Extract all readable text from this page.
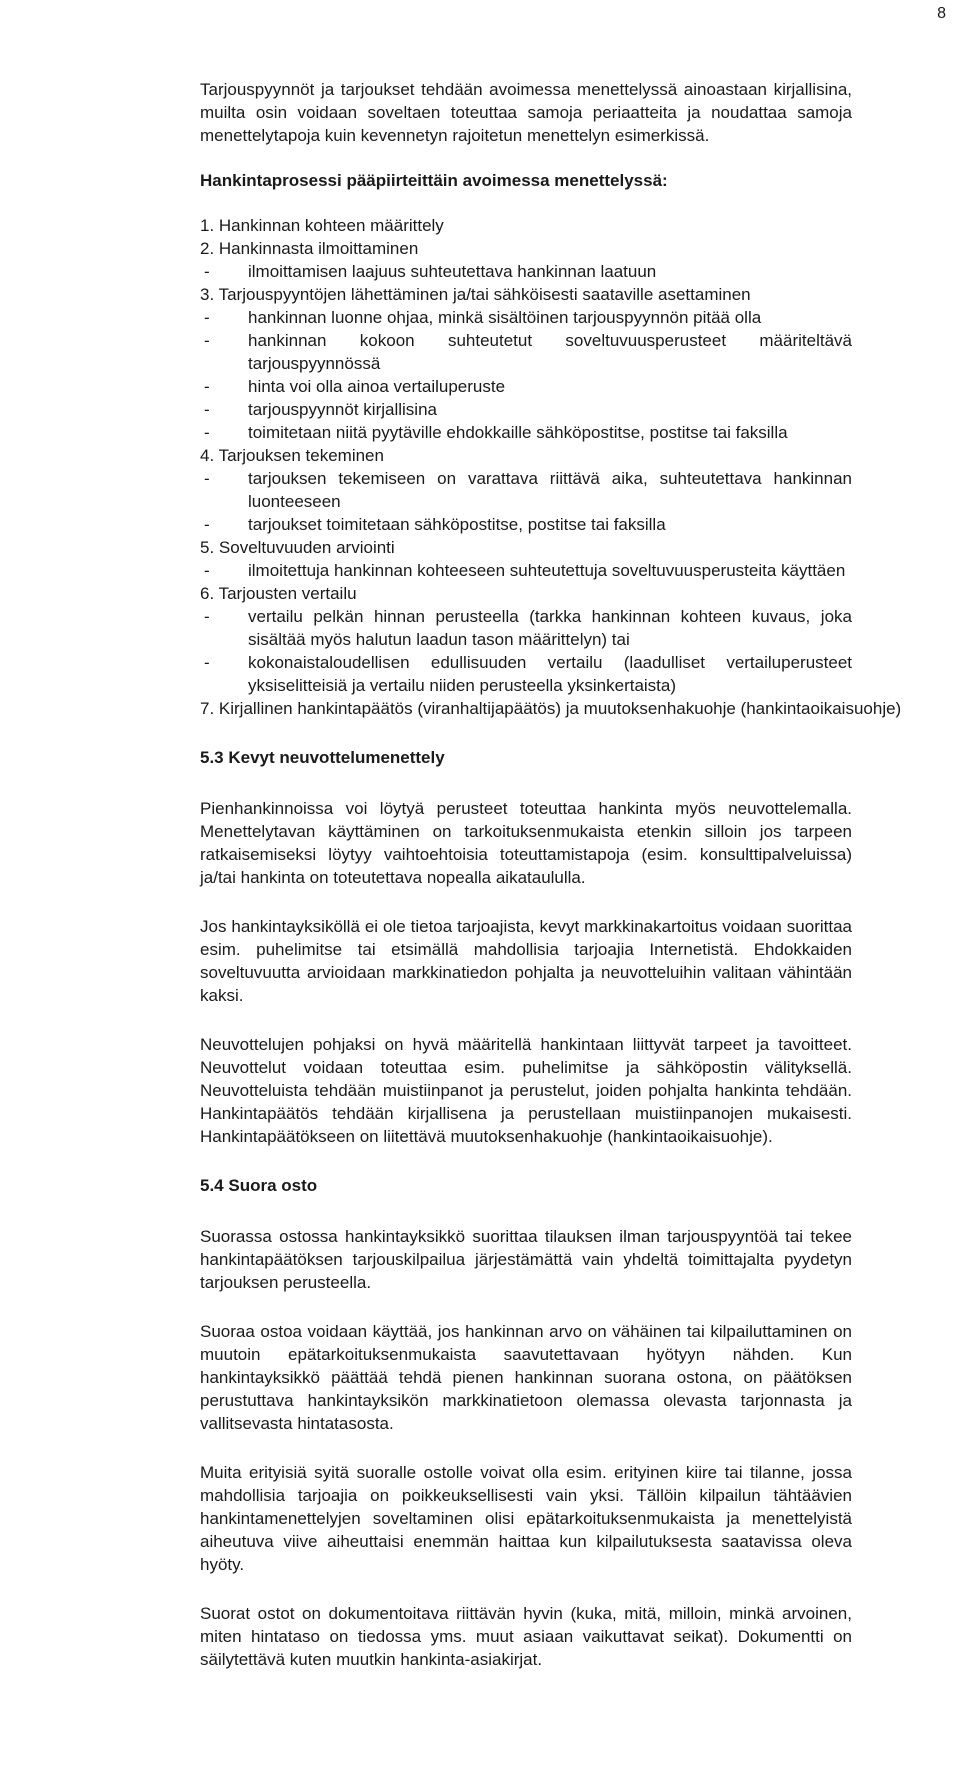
8

Tarjouspyynnöt ja tarjoukset tehdään avoimessa menettelyssä ainoastaan kirjallisina, muilta osin voidaan soveltaen toteuttaa samoja periaatteita ja noudattaa samoja menettelytapoja kuin kevennetyn rajoitetun menettelyn esimerkissä.

Hankintaprosessi pääpiirteittäin avoimessa menettelyssä:

1. Hankinnan kohteen määrittely

2. Hankinnasta ilmoittaminen

- ilmoittamisen laajuus suhteutettava hankinnan laatuun

3. Tarjouspyyntöjen lähettäminen ja/tai sähköisesti saataville asettaminen

- hankinnan luonne ohjaa, minkä sisältöinen tarjouspyynnön pitää olla

- hankinnan kokoon suhteutetut soveltuvuusperusteet määriteltävä tarjouspyynnössä

- hinta voi olla ainoa vertailuperuste

- tarjouspyynnöt kirjallisina

- toimitetaan niitä pyytäville ehdokkaille sähköpostitse, postitse tai faksilla

4. Tarjouksen tekeminen

- tarjouksen tekemiseen on varattava riittävä aika, suhteutettava hankinnan luonteeseen

- tarjoukset toimitetaan sähköpostitse, postitse tai faksilla

5. Soveltuvuuden arviointi

- ilmoitettuja hankinnan kohteeseen suhteutettuja soveltuvuusperusteita käyttäen

6. Tarjousten vertailu

- vertailu pelkän hinnan perusteella (tarkka hankinnan kohteen kuvaus, joka sisältää myös halutun laadun tason määrittelyn) tai

- kokonaistaloudellisen edullisuuden vertailu (laadulliset vertailuperusteet yksiselitteisiä ja vertailu niiden perusteella yksinkertaista)

7. Kirjallinen hankintapäätös (viranhaltijapäätös) ja muutoksenhakuohje (hankintaoikaisuohje)

5.3 Kevyt neuvottelumenettely

Pienhankinnoissa voi löytyä perusteet toteuttaa hankinta myös neuvottelemalla. Menettelytavan käyttäminen on tarkoituksenmukaista etenkin silloin jos tarpeen ratkaisemiseksi löytyy vaihtoehtoisia toteuttamistapoja (esim. konsulttipalveluissa) ja/tai hankinta on toteutettava nopealla aikataululla.

Jos hankintayksiköllä ei ole tietoa tarjoajista, kevyt markkinakartoitus voidaan suorittaa esim. puhelimitse tai etsimällä mahdollisia tarjoajia Internetistä. Ehdokkaiden soveltuvuutta arvioidaan markkinatiedon pohjalta ja neuvotteluihin valitaan vähintään kaksi.

Neuvottelujen pohjaksi on hyvä määritellä hankintaan liittyvät tarpeet ja tavoitteet. Neuvottelut voidaan toteuttaa esim. puhelimitse ja sähköpostin välityksellä. Neuvotteluista tehdään muistiinpanot ja perustelut, joiden pohjalta hankinta tehdään. Hankintapäätös tehdään kirjallisena ja perustellaan muistiinpanojen mukaisesti. Hankintapäätökseen on liitettävä muutoksenhakuohje (hankintaoikaisuohje).

5.4 Suora osto

Suorassa ostossa hankintayksikkö suorittaa tilauksen ilman tarjouspyyntöä tai tekee hankintapäätöksen tarjouskilpailua järjestämättä vain yhdeltä toimittajalta pyydetyn tarjouksen perusteella.

Suoraa ostoa voidaan käyttää, jos hankinnan arvo on vähäinen tai kilpailuttaminen on muutoin epätarkoituksenmukaista saavutettavaan hyötyyn nähden. Kun hankintayksikkö päättää tehdä pienen hankinnan suorana ostona, on päätöksen perustuttava hankintayksikön markkinatietoon olemassa olevasta tarjonnasta ja vallitsevasta hintatasosta.

Muita erityisiä syitä suoralle ostolle voivat olla esim. erityinen kiire tai tilanne, jossa mahdollisia tarjoajia on poikkeuksellisesti vain yksi. Tällöin kilpailun tähtäävien hankintamenettelyjen soveltaminen olisi epätarkoituksenmukaista ja menettelyistä aiheutuva viive aiheuttaisi enemmän haittaa kun kilpailutuksesta saatavissa oleva hyöty.

Suorat ostot on dokumentoitava riittävän hyvin (kuka, mitä, milloin, minkä arvoinen, miten hintataso on tiedossa yms. muut asiaan vaikuttavat seikat). Dokumentti on säilytettävä kuten muutkin hankinta-asiakirjat.
